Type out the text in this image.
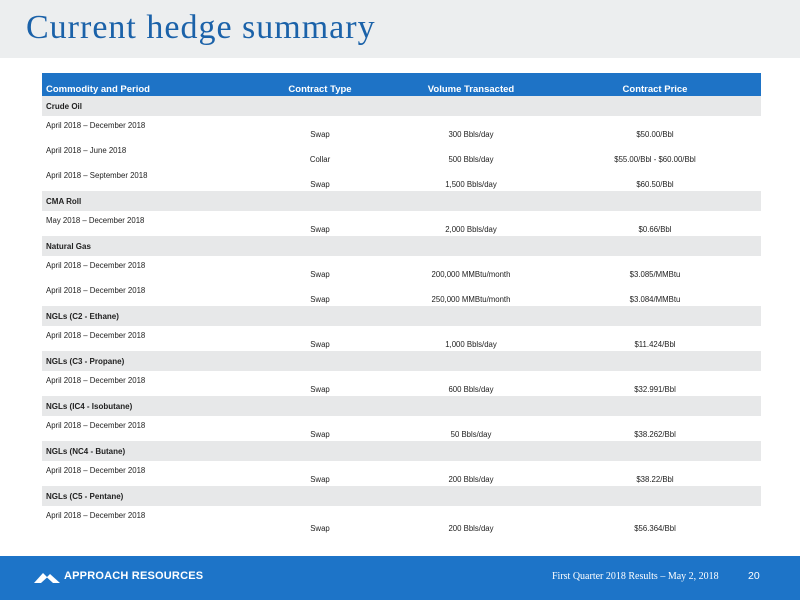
Current hedge summary
Commodity and Period	Contract Type	Volume Transacted	Contract Price
Crude Oil			
April 2018 – December 2018	Swap	300 Bbls/day	$50.00/Bbl
April 2018 – June 2018	Collar	500 Bbls/day	$55.00/Bbl - $60.00/Bbl
April 2018 – September 2018	Swap	1,500 Bbls/day	$60.50/Bbl
CMA Roll			
May 2018 – December 2018	Swap	2,000 Bbls/day	$0.66/Bbl
Natural Gas			
April 2018 – December 2018	Swap	200,000 MMBtu/month	$3.085/MMBtu
April 2018 – December 2018	Swap	250,000 MMBtu/month	$3.084/MMBtu
NGLs (C2 - Ethane)			
April 2018 – December 2018	Swap	1,000 Bbls/day	$11.424/Bbl
NGLs (C3 - Propane)			
April 2018 – December 2018	Swap	600 Bbls/day	$32.991/Bbl
NGLs (IC4 - Isobutane)			
April 2018 – December 2018	Swap	50 Bbls/day	$38.262/Bbl
NGLs (NC4 - Butane)			
April 2018 – December 2018	Swap	200 Bbls/day	$38.22/Bbl
NGLs (C5 - Pentane)			
April 2018 – December 2018	Swap	200 Bbls/day	$56.364/Bbl
APPROACH RESOURCES	First Quarter 2018 Results – May 2, 2018	20
